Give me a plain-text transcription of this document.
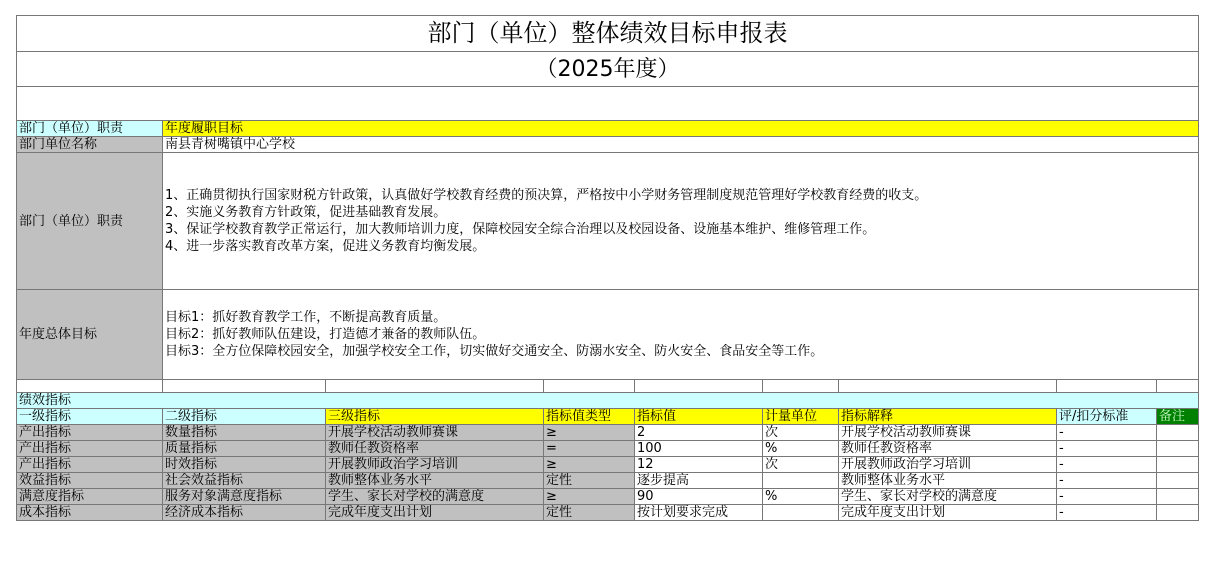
部门（单位）整体绩效目标申报表								
（2025年度）								

部门（单位）职责	年度履职目标							
部门单位名称	南县青树嘴镇中心学校							
部门（单位）职责	1、正确贯彻执行国家财税方针政策，认真做好学校教育经费的预决算，严格按中小学财务管理制度规范管理好学校教育经费的收支。
2、实施义务教育方针政策，促进基础教育发展。
3、保证学校教育教学正常运行，加大教师培训力度，保障校园安全综合治理以及校园设备、设施基本维护、维修管理工作。
4、进一步落实教育改革方案，促进义务教育均衡发展。							

年度总体目标	目标1：抓好教育教学工作，不断提高教育质量。
目标2：抓好教师队伍建设，打造德才兼备的教师队伍。
目标3：全方位保障校园安全，加强学校安全工作，切实做好交通安全、防溺水安全、防火安全、食品安全等工作。							

绩效指标								
一级指标	二级指标	三级指标	指标值类型	指标值	计量单位	指标解释	评/扣分标准	备注
产出指标	数量指标	开展学校活动教师赛课	≥	2	次	开展学校活动教师赛课	-	
产出指标	质量指标	教师任教资格率	=	100	%	教师任教资格率	-	
产出指标	时效指标	开展教师政治学习培训	≥	12	次	开展教师政治学习培训	-	
效益指标	社会效益指标	教师整体业务水平	定性	逐步提高		教师整体业务水平	-	
满意度指标	服务对象满意度指标	学生、家长对学校的满意度	≥	90	%	学生、家长对学校的满意度	-	
成本指标	经济成本指标	完成年度支出计划	定性	按计划要求完成		完成年度支出计划	-	
